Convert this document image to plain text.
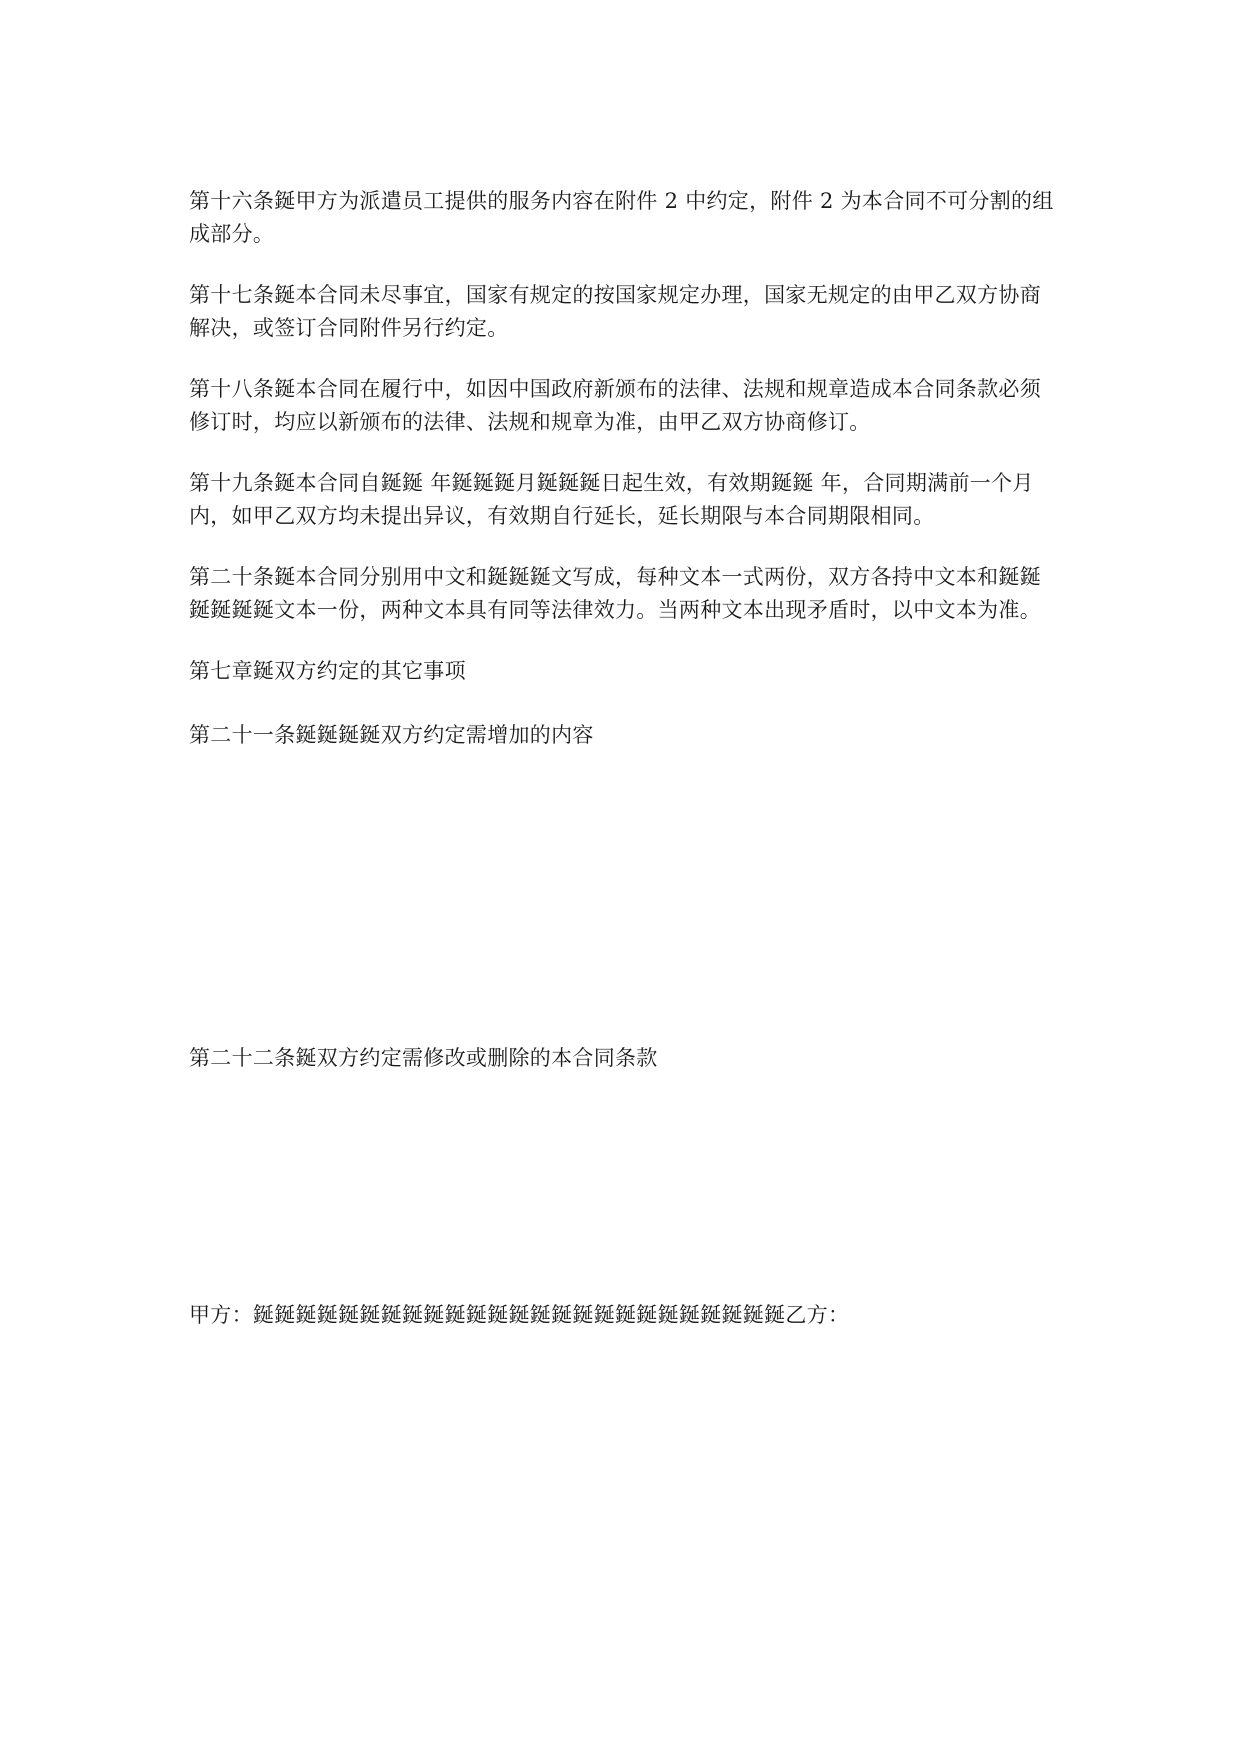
第十六条鋋甲方为派遣员工提供的服务内容在附件 2 中约定，附件 2 为本合同不可分割的组
成部分。
第十七条鋋本合同未尽事宜，国家有规定的按国家规定办理，国家无规定的由甲乙双方协商
解决，或签订合同附件另行约定。
第十八条鋋本合同在履行中，如因中国政府新颁布的法律、法规和规章造成本合同条款必须
修订时，均应以新颁布的法律、法规和规章为准，由甲乙双方协商修订。
第十九条鋋本合同自鋋鋋 年鋋鋋鋋月鋋鋋鋋日起生效，有效期鋋鋋 年，合同期满前一个月
内，如甲乙双方均未提出异议，有效期自行延长，延长期限与本合同期限相同。
第二十条鋋本合同分别用中文和鋋鋋鋋文写成，每种文本一式两份，双方各持中文本和鋋鋋
鋋鋋鋋鋋文本一份，两种文本具有同等法律效力。当两种文本出现矛盾时，以中文本为准。
第七章鋋双方约定的其它事项
第二十一条鋋鋋鋋鋋双方约定需增加的内容
第二十二条鋋双方约定需修改或删除的本合同条款
甲方：鋋鋋鋋鋋鋋鋋鋋鋋鋋鋋鋋鋋鋋鋋鋋鋋鋋鋋鋋鋋鋋鋋鋋鋋鋋乙方：
